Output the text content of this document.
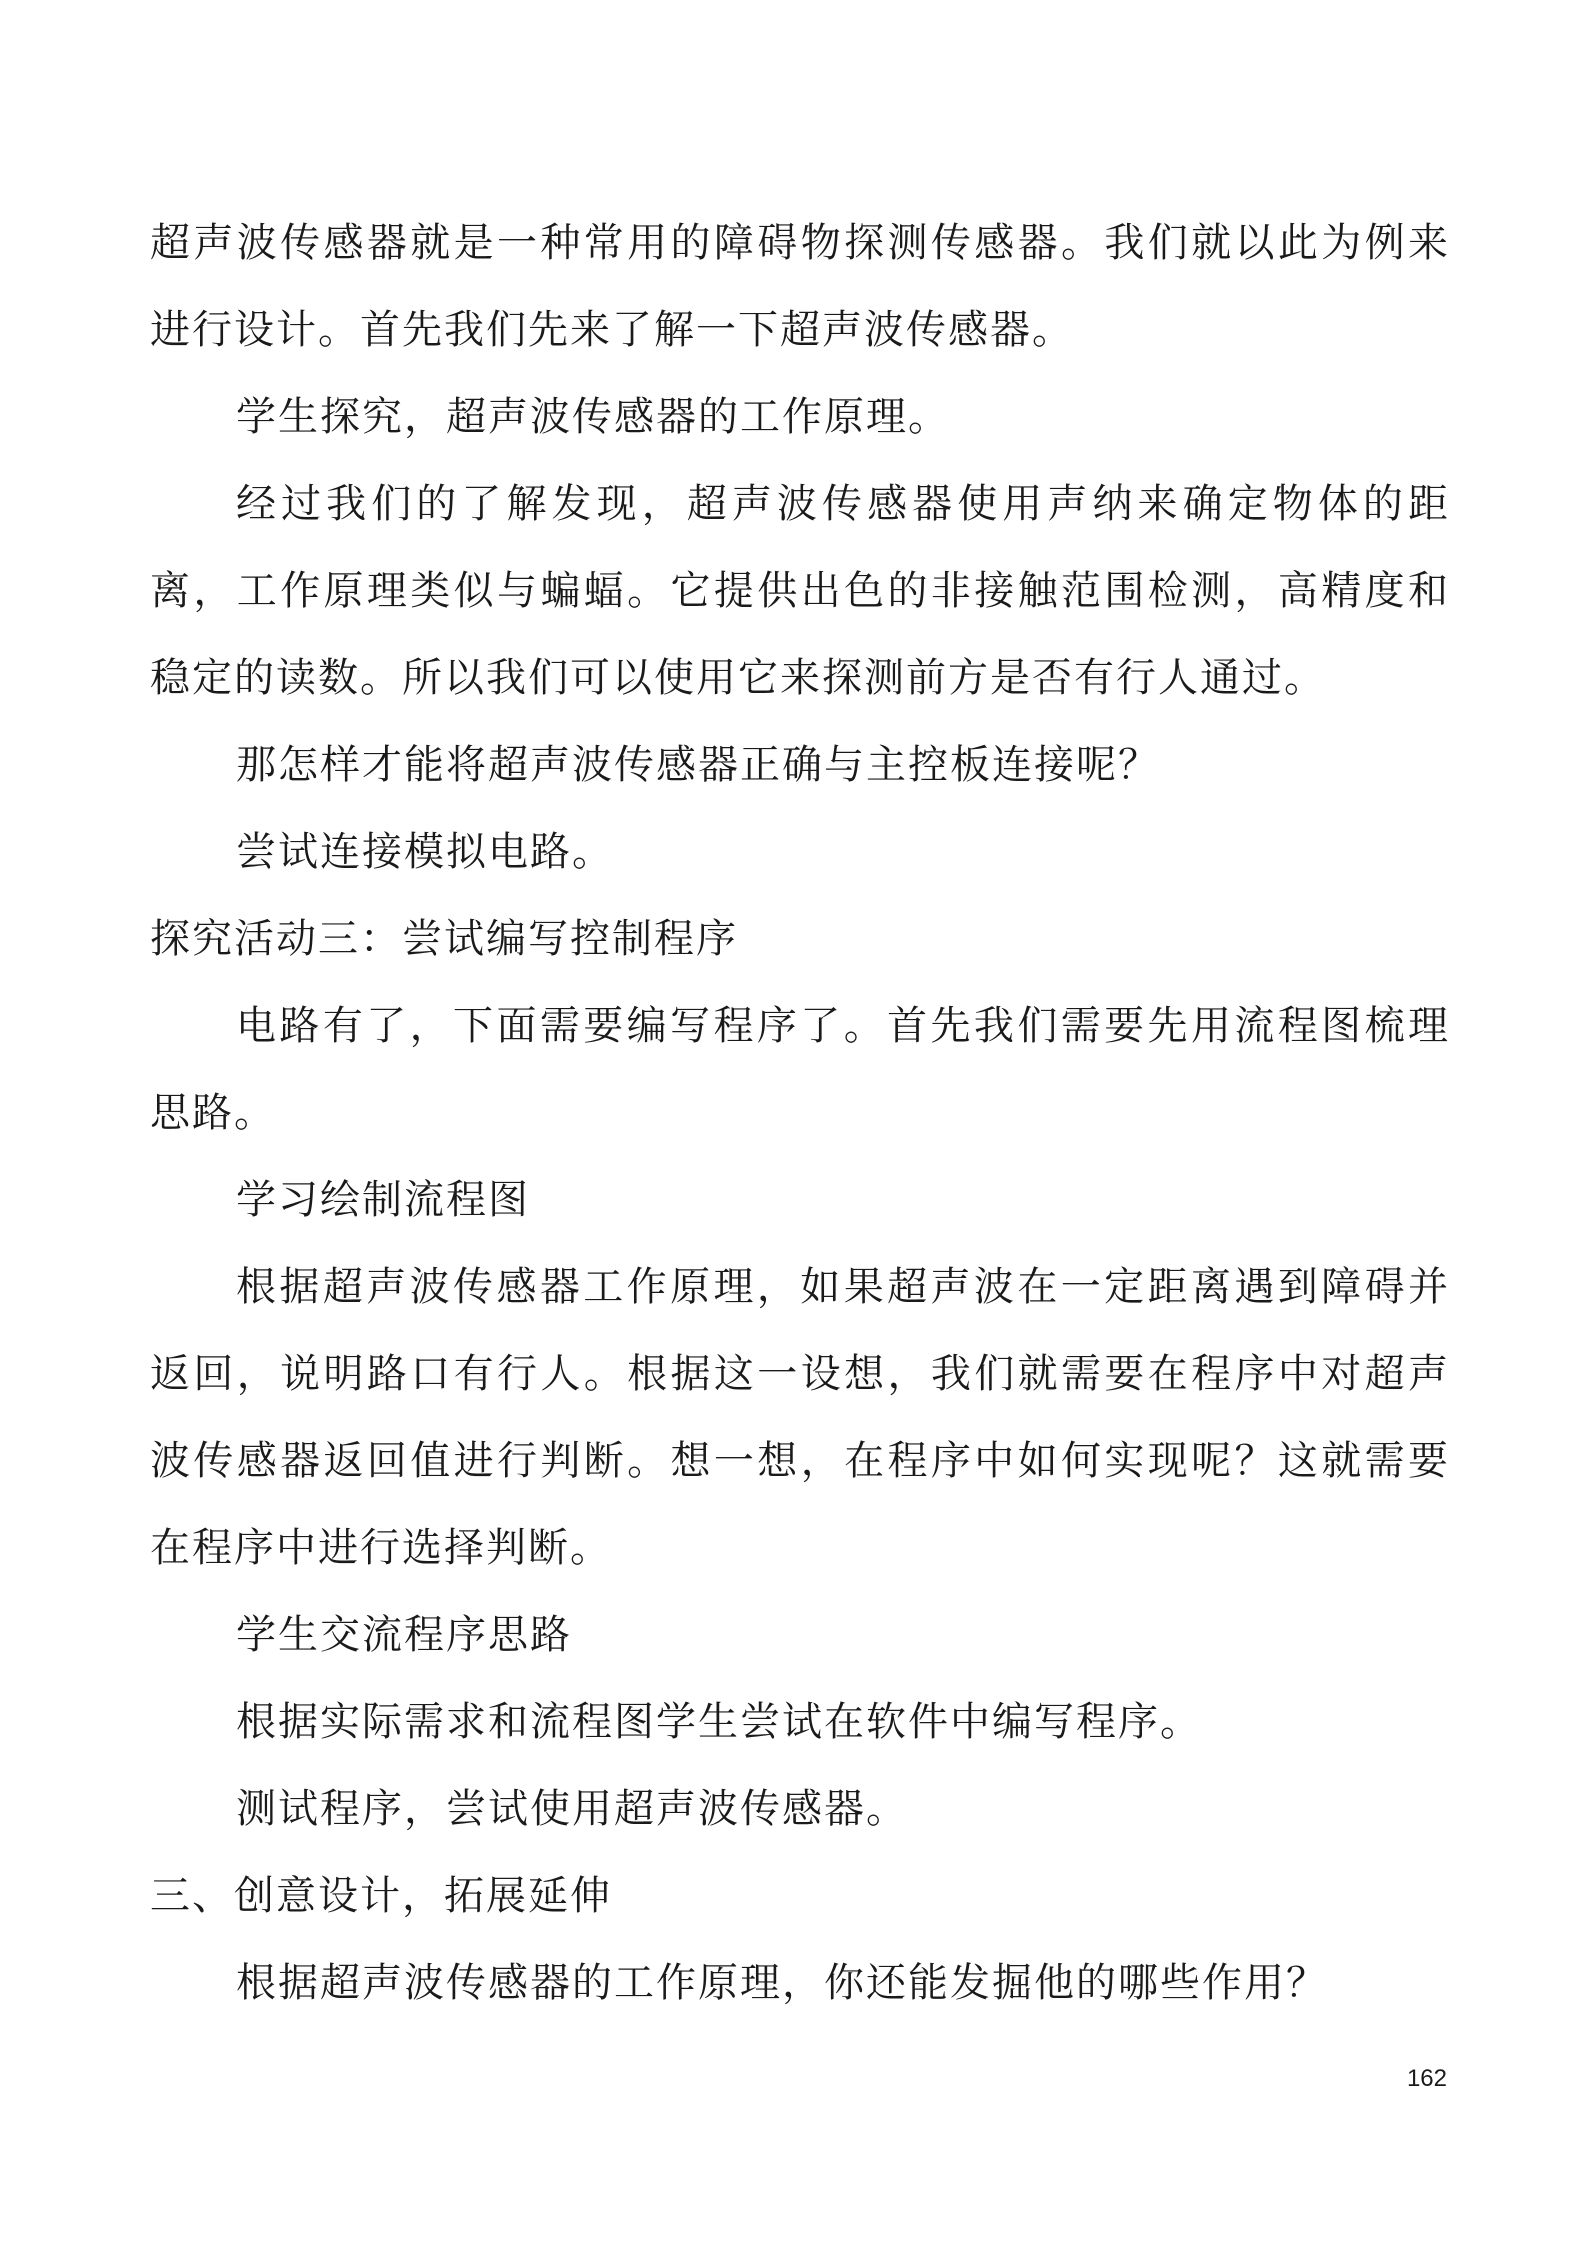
超声波传感器就是一种常用的障碍物探测传感器。我们就以此为例来进行设计。首先我们先来了解一下超声波传感器。

学生探究，超声波传感器的工作原理。

经过我们的了解发现，超声波传感器使用声纳来确定物体的距离，工作原理类似与蝙蝠。它提供出色的非接触范围检测，高精度和稳定的读数。所以我们可以使用它来探测前方是否有行人通过。

那怎样才能将超声波传感器正确与主控板连接呢？

尝试连接模拟电路。

探究活动三：尝试编写控制程序

电路有了，下面需要编写程序了。首先我们需要先用流程图梳理思路。

学习绘制流程图

根据超声波传感器工作原理，如果超声波在一定距离遇到障碍并返回，说明路口有行人。根据这一设想，我们就需要在程序中对超声波传感器返回值进行判断。想一想，在程序中如何实现呢？这就需要在程序中进行选择判断。

学生交流程序思路

根据实际需求和流程图学生尝试在软件中编写程序。

测试程序，尝试使用超声波传感器。

三、创意设计，拓展延伸

根据超声波传感器的工作原理，你还能发掘他的哪些作用？

162
